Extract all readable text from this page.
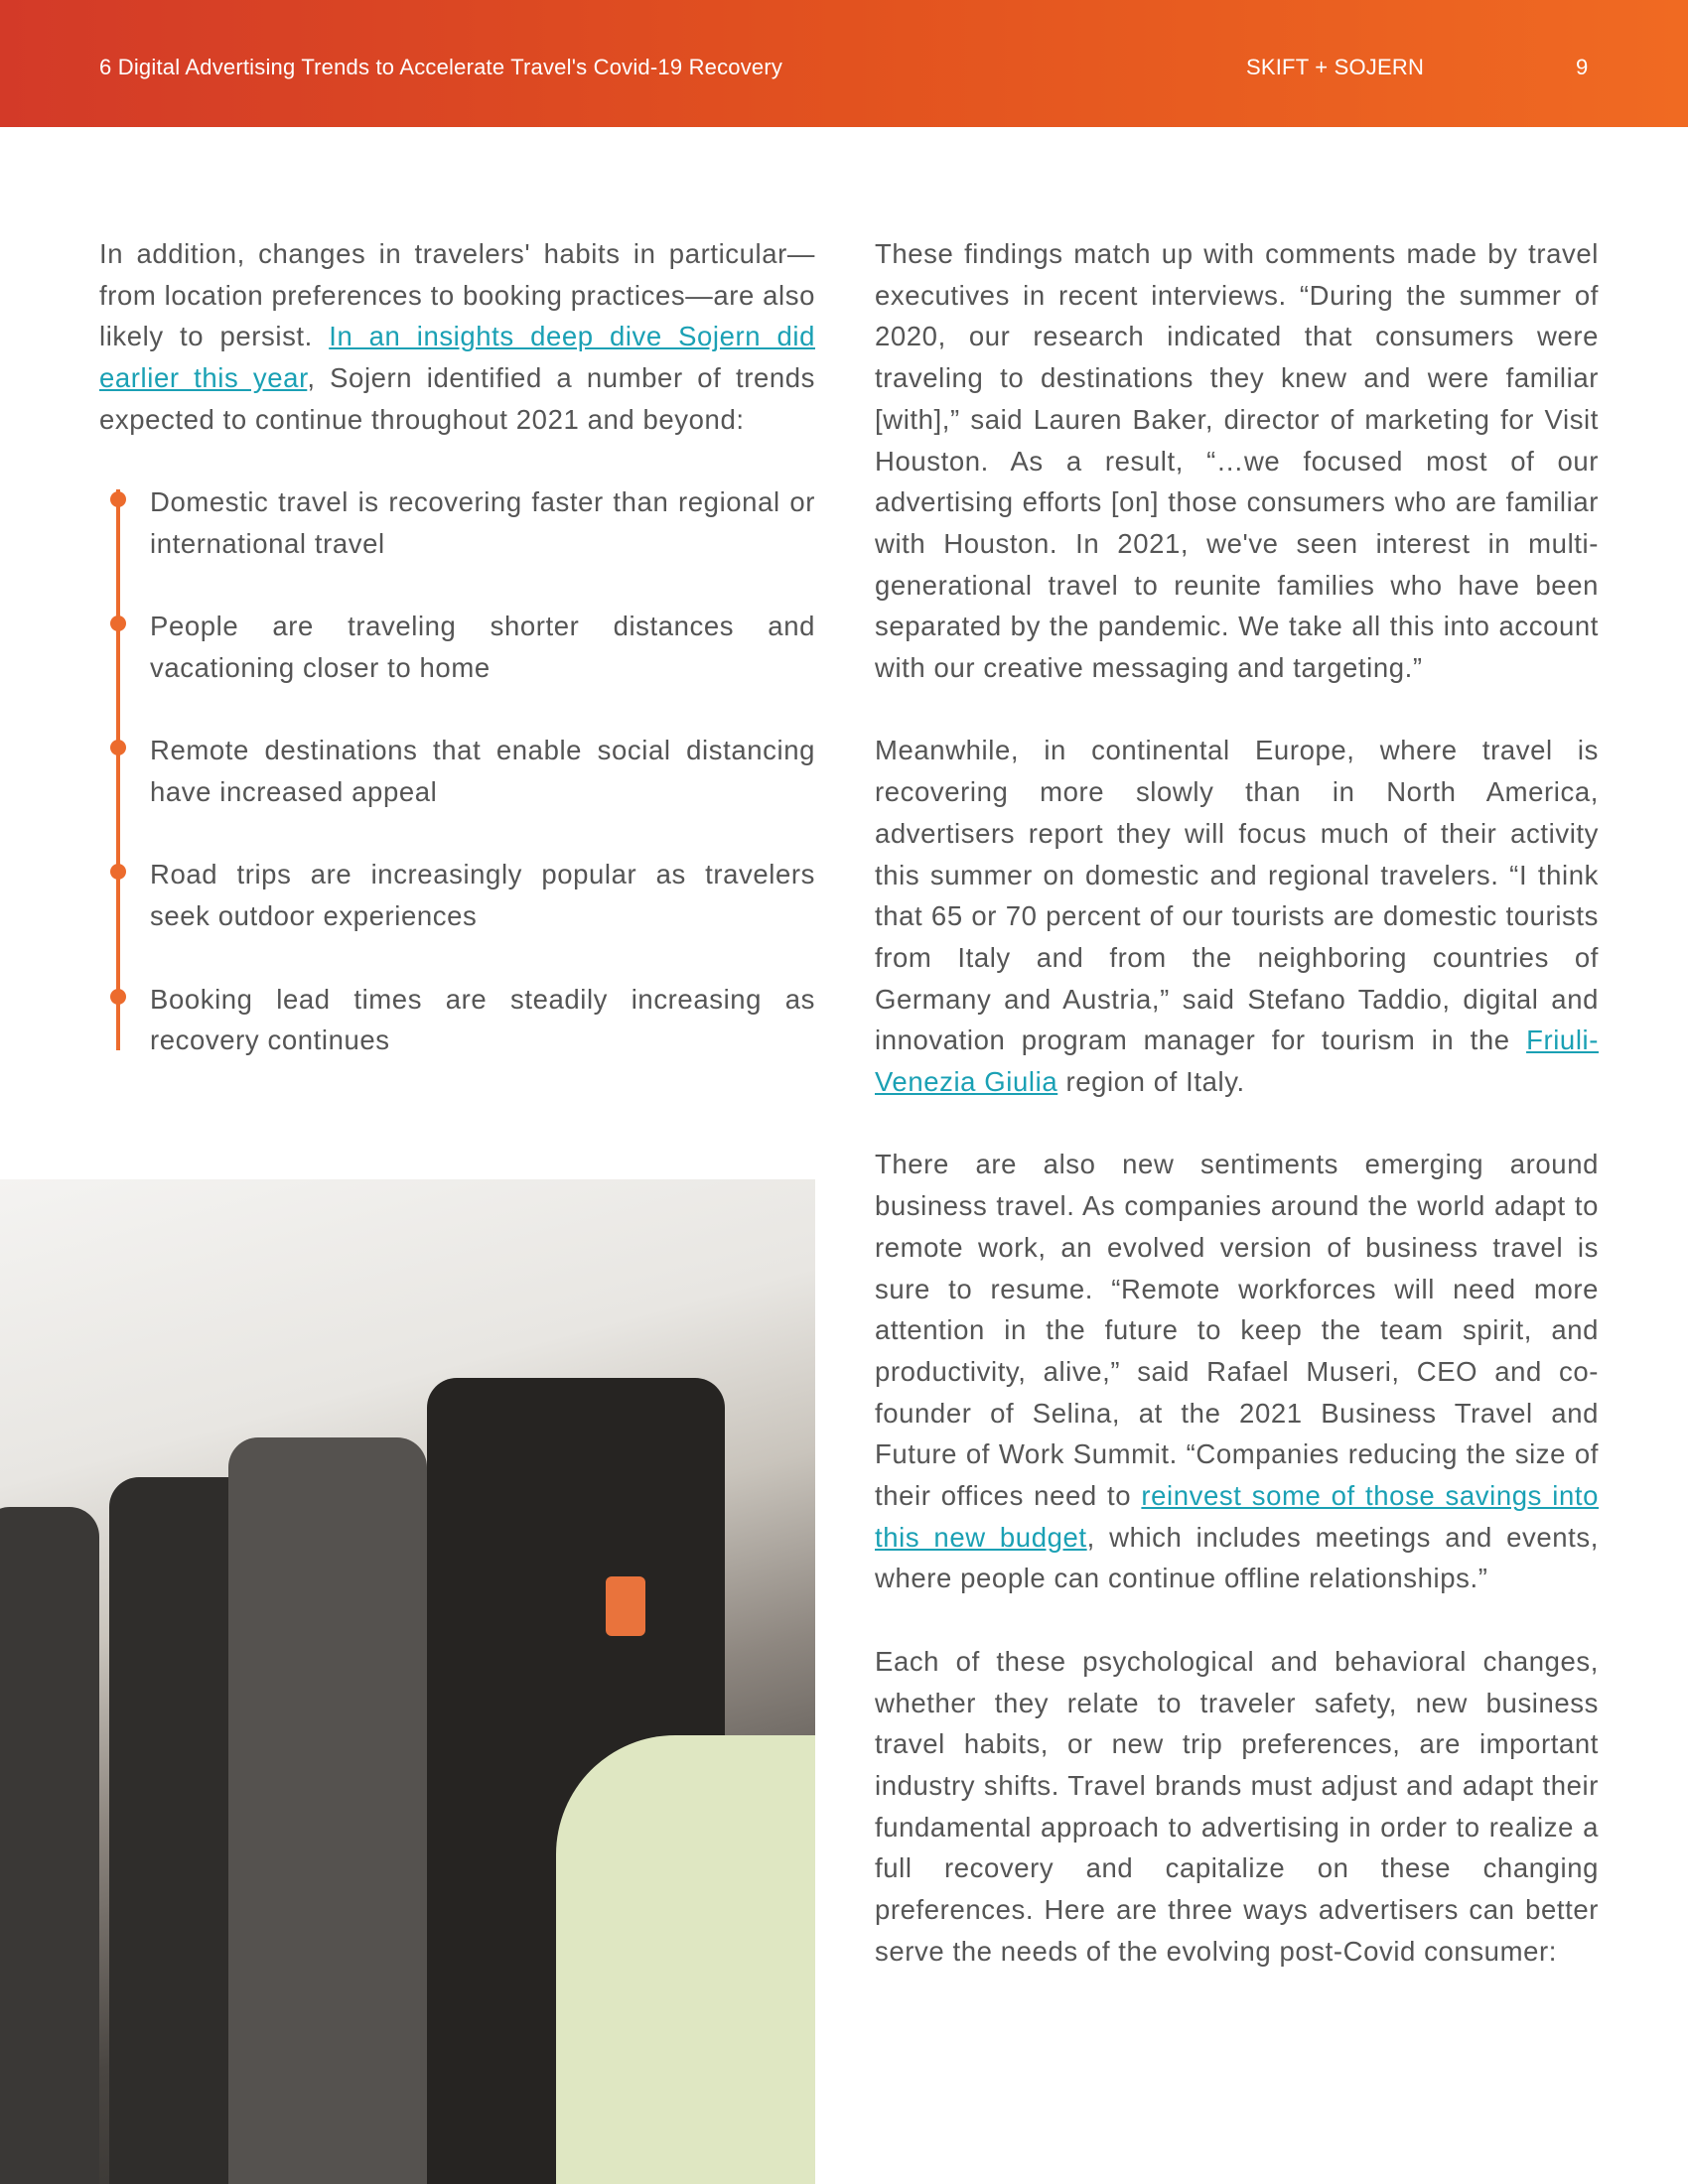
6 Digital Advertising Trends to Accelerate Travel's Covid-19 Recovery	SKIFT + SOJERN	9

In addition, changes in travelers' habits in particular—from location preferences to booking practices—are also likely to persist. In an insights deep dive Sojern did earlier this year, Sojern identified a number of trends expected to continue throughout 2021 and beyond:

Domestic travel is recovering faster than regional or international travel
People are traveling shorter distances and vacationing closer to home
Remote destinations that enable social distancing have increased appeal
Road trips are increasingly popular as travelers seek outdoor experiences
Booking lead times are steadily increasing as recovery continues

These findings match up with comments made by travel executives in recent interviews. “During the summer of 2020, our research indicated that consumers were traveling to destinations they knew and were familiar [with],” said Lauren Baker, director of marketing for Visit Houston. As a result, “…we focused most of our advertising efforts [on] those consumers who are familiar with Houston. In 2021, we've seen interest in multi-generational travel to reunite families who have been separated by the pandemic. We take all this into account with our creative messaging and targeting.”

Meanwhile, in continental Europe, where travel is recovering more slowly than in North America, advertisers report they will focus much of their activity this summer on domestic and regional travelers. “I think that 65 or 70 percent of our tourists are domestic tourists from Italy and from the neighboring countries of Germany and Austria,” said Stefano Taddio, digital and innovation program manager for tourism in the Friuli-Venezia Giulia region of Italy.

There are also new sentiments emerging around business travel. As companies around the world adapt to remote work, an evolved version of business travel is sure to resume. “Remote workforces will need more attention in the future to keep the team spirit, and productivity, alive,” said Rafael Museri, CEO and co-founder of Selina, at the 2021 Business Travel and Future of Work Summit. “Companies reducing the size of their offices need to reinvest some of those savings into this new budget, which includes meetings and events, where people can continue offline relationships.”

Each of these psychological and behavioral changes, whether they relate to traveler safety, new business travel habits, or new trip preferences, are important industry shifts. Travel brands must adjust and adapt their fundamental approach to advertising in order to realize a full recovery and capitalize on these changing preferences. Here are three ways advertisers can better serve the needs of the evolving post-Covid consumer:
